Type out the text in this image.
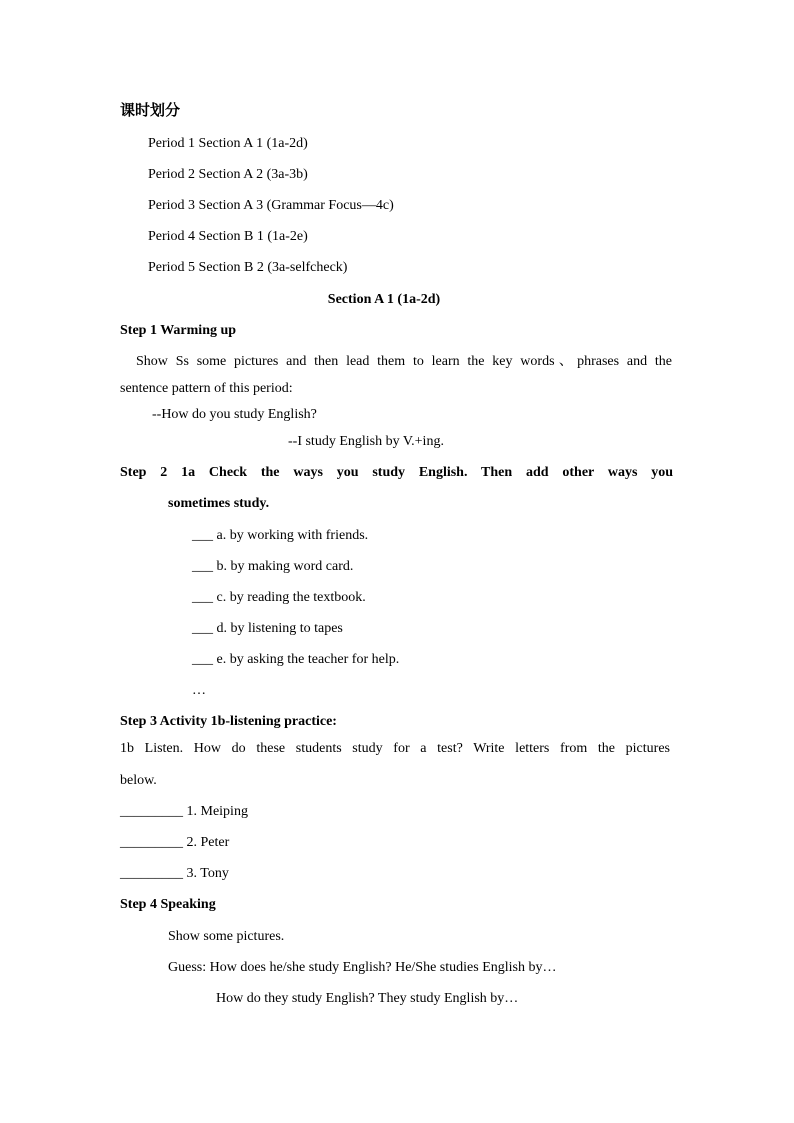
课时划分
Period 1 Section A 1 (1a-2d)
Period 2 Section A 2 (3a-3b)
Period 3 Section A 3 (Grammar Focus—4c)
Period 4 Section B 1 (1a-2e)
Period 5 Section B 2 (3a-selfcheck)
Section A 1 (1a-2d)
Step 1 Warming up
Show Ss some pictures and then lead them to learn the key words、phrases and the
sentence pattern of this period:
--How do you study English?
--I study English by V.+ing.
Step 2 1a Check the ways you study English. Then add other ways you
sometimes study.
___ a. by working with friends.
___ b. by making word card.
___ c. by reading the textbook.
___ d. by listening to tapes
___ e. by asking the teacher for help.
…
Step 3 Activity 1b-listening practice:
1b Listen. How do these students study for a test? Write letters from the pictures
below.
_________ 1. Meiping
_________ 2. Peter
_________ 3. Tony
Step 4 Speaking
Show some pictures.
Guess: How does he/she study English? He/She studies English by…
How do they study English? They study English by…
